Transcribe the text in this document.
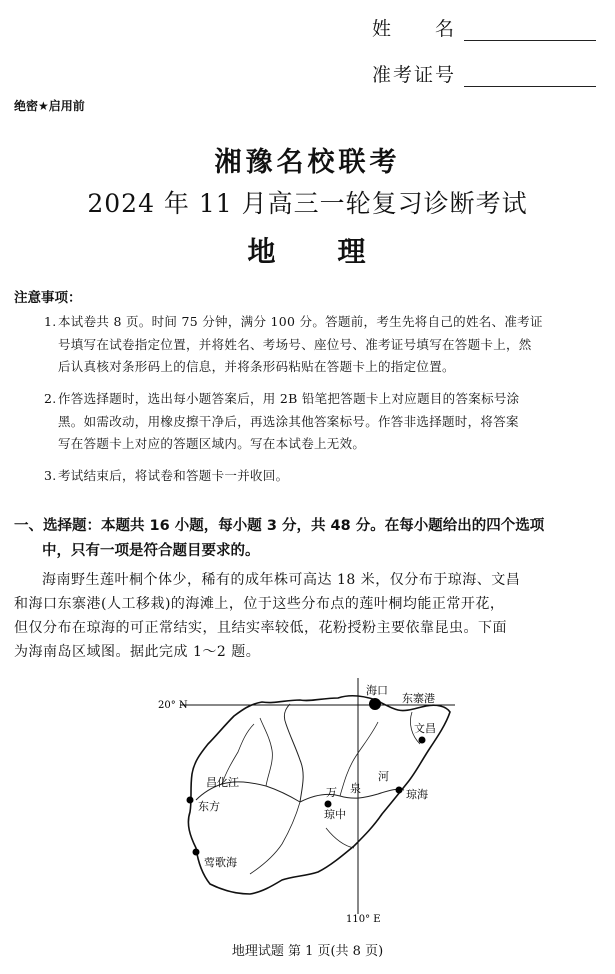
姓　　名
准考证号
绝密★启用前
湘豫名校联考
2024 年 11 月高三一轮复习诊断考试
地　　理
注意事项：
1.本试卷共 8 页。时间 75 分钟，满分 100 分。答题前，考生先将自己的姓名、准考证
号填写在试卷指定位置，并将姓名、考场号、座位号、准考证号填写在答题卡上，然
后认真核对条形码上的信息，并将条形码粘贴在答题卡上的指定位置。
2.作答选择题时，选出每小题答案后，用 2B 铅笔把答题卡上对应题目的答案标号涂
黑。如需改动，用橡皮擦干净后，再选涂其他答案标号。作答非选择题时，将答案
写在答题卡上对应的答题区域内。写在本试卷上无效。
3.考试结束后，将试卷和答题卡一并收回。
一、选择题：本题共 16 小题，每小题 3 分，共 48 分。在每小题给出的四个选项
中，只有一项是符合题目要求的。
海南野生莲叶桐个体少，稀有的成年株可高达 18 米，仅分布于琼海、文昌
和海口东寨港(人工移栽)的海滩上，位于这些分布点的莲叶桐均能正常开花，
但仅分布在琼海的可正常结实，且结实率较低，花粉授粉主要依靠昆虫。下面
为海南岛区域图。据此完成 1～2 题。
20° N
110° E
海口
东寨港
文昌
昌化江
东方
万 泉
河
琼中
琼海
莺歌海
地理试题 第 1 页(共 8 页)
